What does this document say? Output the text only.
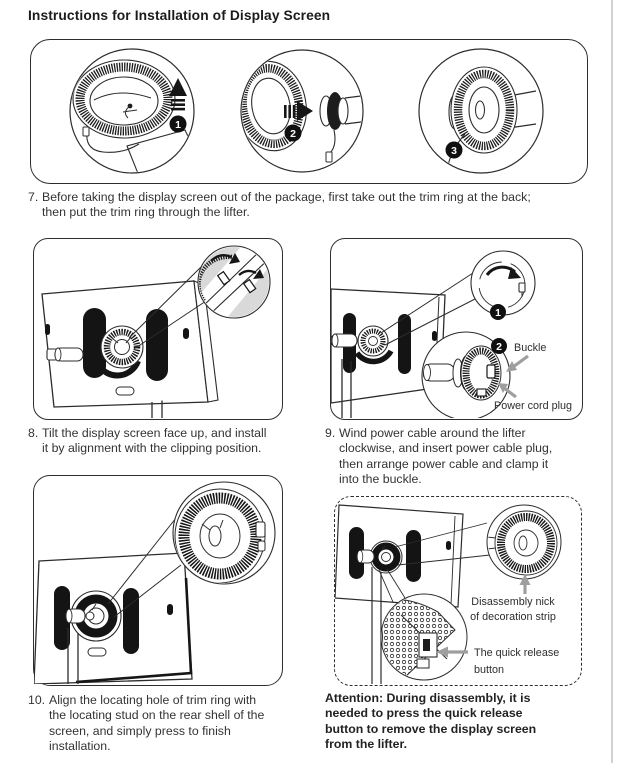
Instructions for Installation of Display Screen
1
2
3
7. Before taking the display screen out of the package, first take out the trim ring at the back;
then put the trim ring through the lifter.
1
2 Buckle
Power cord plug
8. Tilt the display screen face up, and install
it by alignment with the clipping position.
9. Wind power cable around the lifter
clockwise, and insert power cable plug,
then arrange power cable and clamp it
into the buckle.
Disassembly nick
of decoration strip
The quick release
button
10. Align the locating hole of trim ring with
the locating stud on the rear shell of the
screen, and simply press to finish
installation.
Attention: During disassembly, it is
needed to press the quick release
button to remove the display screen
from the lifter.
